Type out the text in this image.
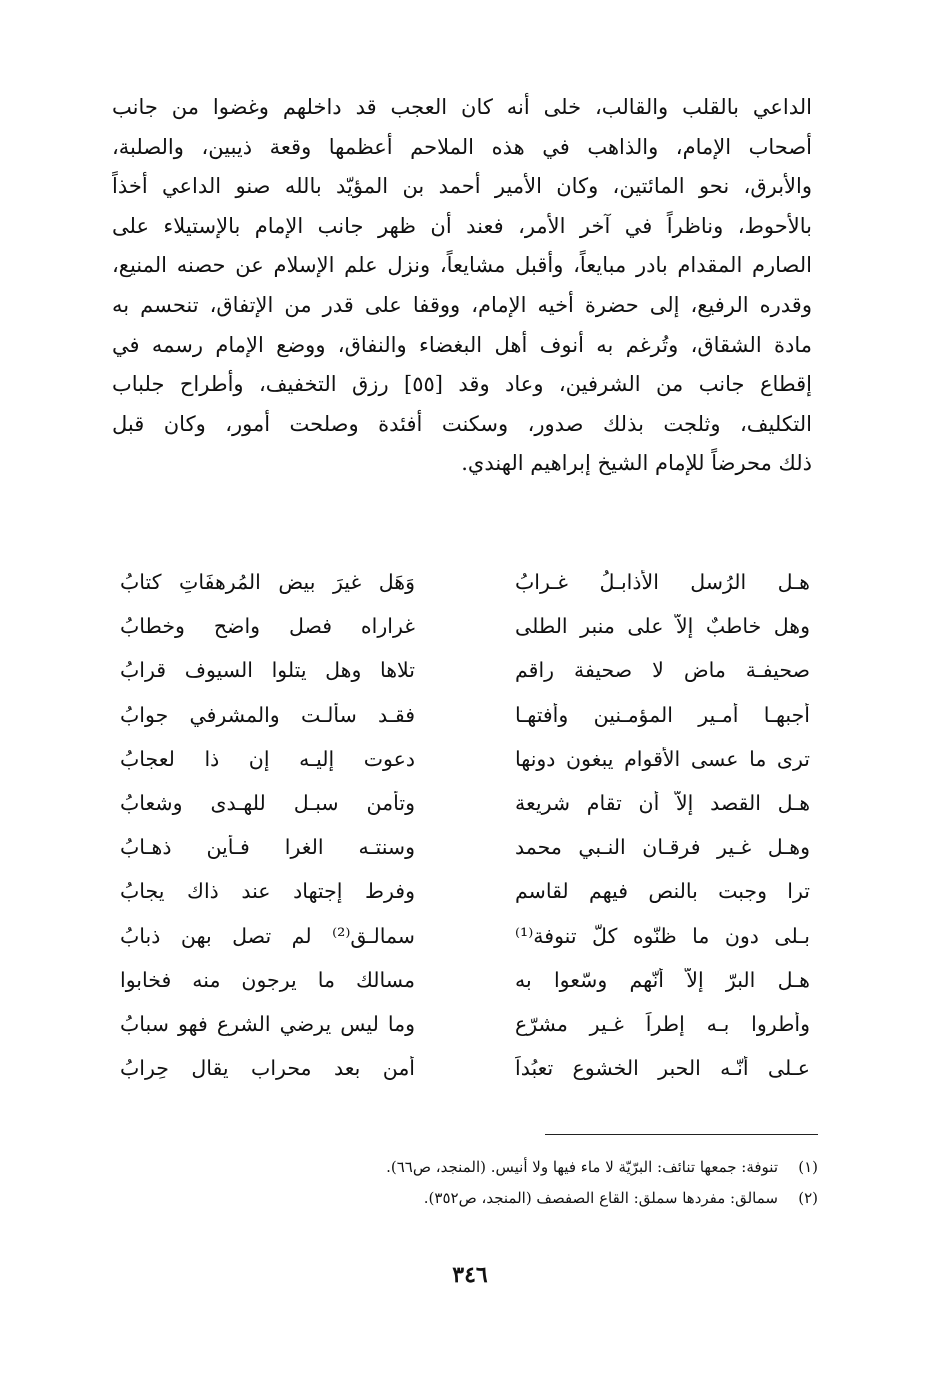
الداعي بالقلب والقالب، خلى أنه كان العجب قد داخلهم وغضوا من جانب
أصحاب الإمام، والذاهب في هذه الملاحم أعظمها وقعة ذيبين، والصلبة،
والأبرق، نحو المائتين، وكان الأمير أحمد بن المؤيّد بالله صنو الداعي أخذاً
بالأحوط، وناظراً في آخر الأمر، فعند أن ظهر جانب الإمام بالإستيلاء على
الصارم المقدام بادر مبايعاً، وأقبل مشايعاً، ونزل علم الإسلام عن حصنه المنيع،
وقدره الرفيع، إلى حضرة أخيه الإمام، ووقفا على قدر من الإتفاق، تنحسم به
مادة الشقاق، وتُرغم به أنوف أهل البغضاء والنفاق، ووضع الإمام رسمه في
إقطاع جانب من الشرفين، وعاد وقد [٥٥] رزق التخفيف، وأطراح جلباب
التكليف، وثلجت بذلك صدور، وسكنت أفئدة وصلحت أمور، وكان قبل
ذلك محرضاً للإمام الشيخ إبراهيم الهندي.
هـل الرُسل الأذابـلُ غـرابُ
وَهَل غيرَ بيض المُرهفَاتِ كتابُ
وهل خاطبٌ إلاّ على منبر الطلى
غراراه فصل واضح وخطابُ
صحيفـة ماضٍ لا صحيفة راقم
تلاها وهل يتلوا السيوف قرابُ
أجبهـا أمـير المؤمـنين وأفتهـا
فقـد سألـت والمشرفي جوابُ
ترى ما عسى الأقوام يبغون دونها
دعوت إليـه إن ذا لعجابُ
هـل القصد إلاّ أن تقام شريعة
وتأمن سبـل للهـدى وشعابُ
وهـل غـير فرقـان النـبي محمد
وسنتـه الغرا فـأين ذهـابُ
ترا وجبت بالنص فيهم لقاسم
وفرط إجتهاد عند ذاك يجابُ
بـلى دون ما ظنّوه كلّ تنوفة⁽¹⁾
سمالـق⁽²⁾ لم تصل بهن ذبابُ
هـل البرّ إلاّ أنّهم وسّعوا به
مسالك ما يرجون منه فخابوا
وأطروا بـه إطراً غـير مشرّع
وما ليس يرضي الشرع فهو سبابُ
عـلى أنّـه الحبر الخشوع تعبُداً
أمن بعد محراب يقال حِرابُ
(١)
تنوفة: جمعها تنائف: البرّيّة لا ماء فيها ولا أنيس. (المنجد، ص٦٦).
(٢)
سمالق: مفردها سملق: القاع الصفصف (المنجد، ص٣٥٢).
٣٤٦
